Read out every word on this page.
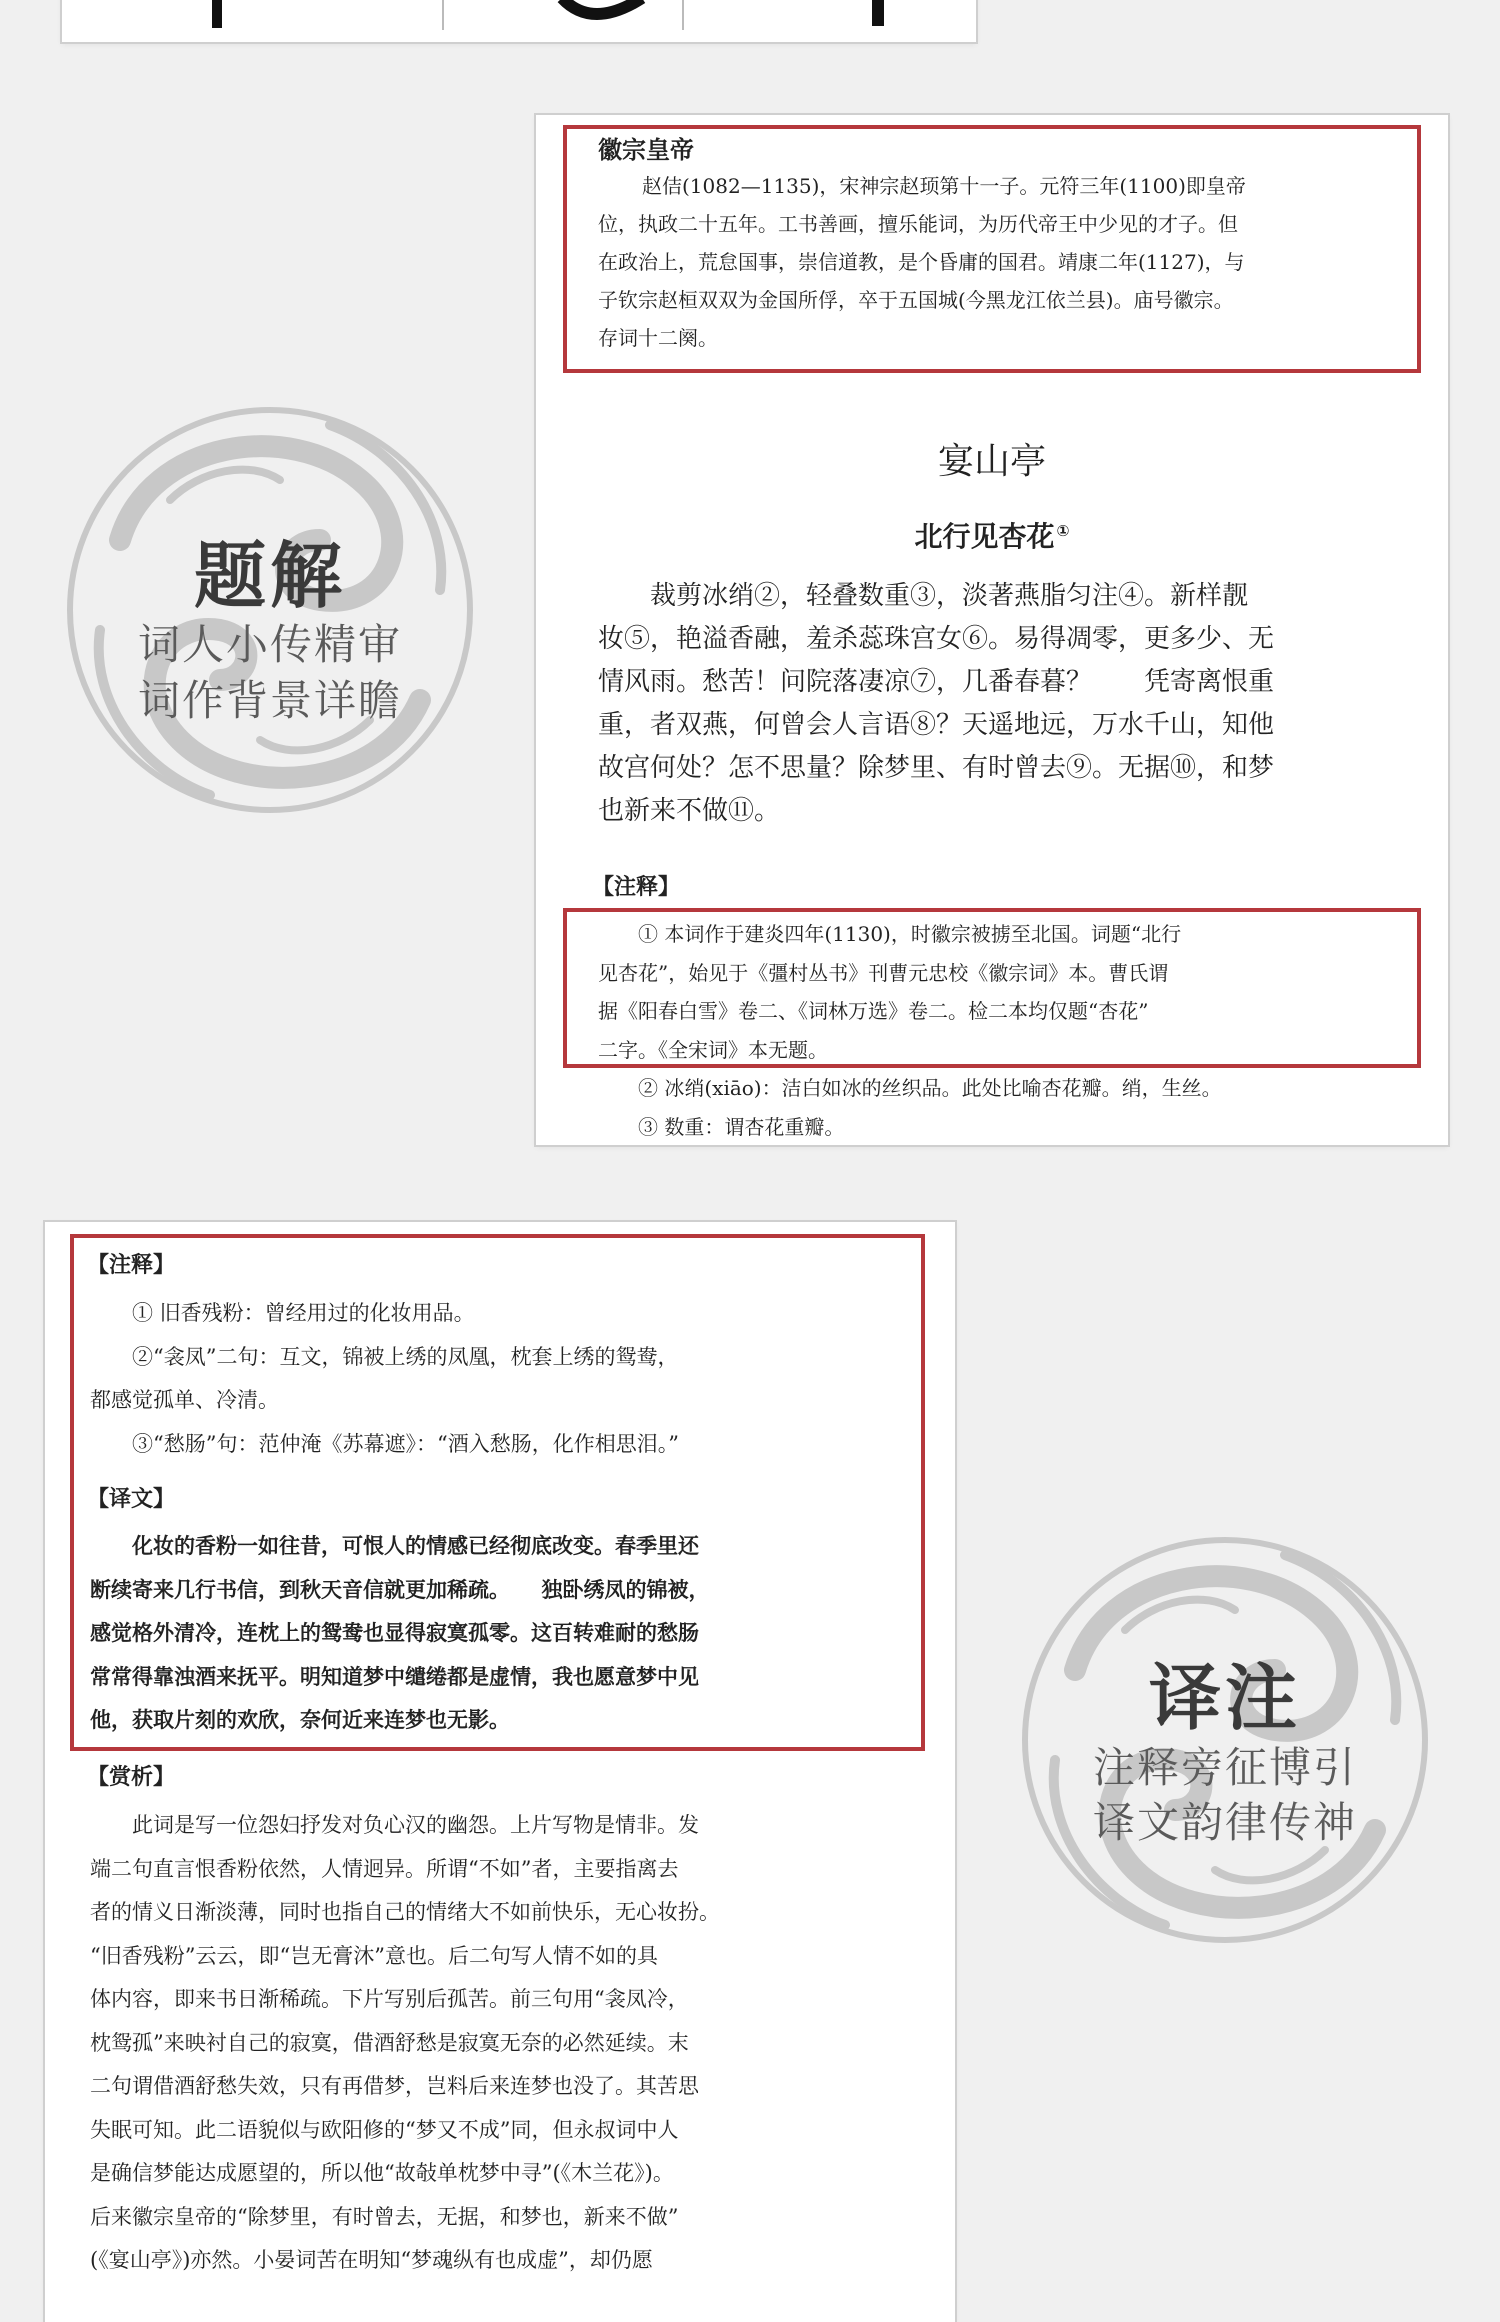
徽宗皇帝
赵佶(1082—1135)，宋神宗赵顼第十一子。元符三年(1100)即皇帝
位，执政二十五年。工书善画，擅乐能词，为历代帝王中少见的才子。但
在政治上，荒怠国事，崇信道教，是个昏庸的国君。靖康二年(1127)，与
子钦宗赵桓双双为金国所俘，卒于五国城(今黑龙江依兰县)。庙号徽宗。
存词十二阕。
宴山亭
北行见杏花 ①
　　裁剪冰绡②，轻叠数重③，淡著燕脂匀注④。新样靓
妆⑤，艳溢香融，羞杀蕊珠宫女⑥。易得凋零，更多少、无
情风雨。愁苦！问院落凄凉⑦，几番春暮？　　凭寄离恨重
重，者双燕，何曾会人言语⑧？天遥地远，万水千山，知他
故宫何处？怎不思量？除梦里、有时曾去⑨。无据⑩，和梦
也新来不做⑪。
【注释】
　　① 本词作于建炎四年(1130)，时徽宗被掳至北国。词题“北行
见杏花”，始见于《彊村丛书》刊曹元忠校《徽宗词》本。曹氏谓
据《阳春白雪》卷二、《词林万选》卷二。检二本均仅题“杏花”
二字。《全宋词》本无题。
　　② 冰绡(xiāo)：洁白如冰的丝织品。此处比喻杏花瓣。绡，生丝。
　　③ 数重：谓杏花重瓣。
题解
词人小传精审
词作背景详瞻
【注释】
　　① 旧香残粉：曾经用过的化妆用品。
　　②“衾凤”二句：互文，锦被上绣的凤凰，枕套上绣的鸳鸯，
都感觉孤单、冷清。
　　③“愁肠”句：范仲淹《苏幕遮》：“酒入愁肠，化作相思泪。”
【译文】
　　化妆的香粉一如往昔，可恨人的情感已经彻底改变。春季里还
断续寄来几行书信，到秋天音信就更加稀疏。　　独卧绣凤的锦被，
感觉格外清冷，连枕上的鸳鸯也显得寂寞孤零。这百转难耐的愁肠
常常得靠浊酒来抚平。明知道梦中缱绻都是虚情，我也愿意梦中见
他，获取片刻的欢欣，奈何近来连梦也无影。
【赏析】
　　此词是写一位怨妇抒发对负心汉的幽怨。上片写物是情非。发
端二句直言恨香粉依然，人情迥异。所谓“不如”者，主要指离去
者的情义日渐淡薄，同时也指自己的情绪大不如前快乐，无心妆扮。
“旧香残粉”云云，即“岂无膏沐”意也。后二句写人情不如的具
体内容，即来书日渐稀疏。下片写别后孤苦。前三句用“衾凤冷，
枕鸳孤”来映衬自己的寂寞，借酒舒愁是寂寞无奈的必然延续。末
二句谓借酒舒愁失效，只有再借梦，岂料后来连梦也没了。其苦思
失眠可知。此二语貌似与欧阳修的“梦又不成”同，但永叔词中人
是确信梦能达成愿望的，所以他“故敧单枕梦中寻”(《木兰花》)。
后来徽宗皇帝的“除梦里，有时曾去，无据，和梦也，新来不做”
(《宴山亭》)亦然。小晏词苦在明知“梦魂纵有也成虚”，却仍愿
译注
注释旁征博引
译文韵律传神
